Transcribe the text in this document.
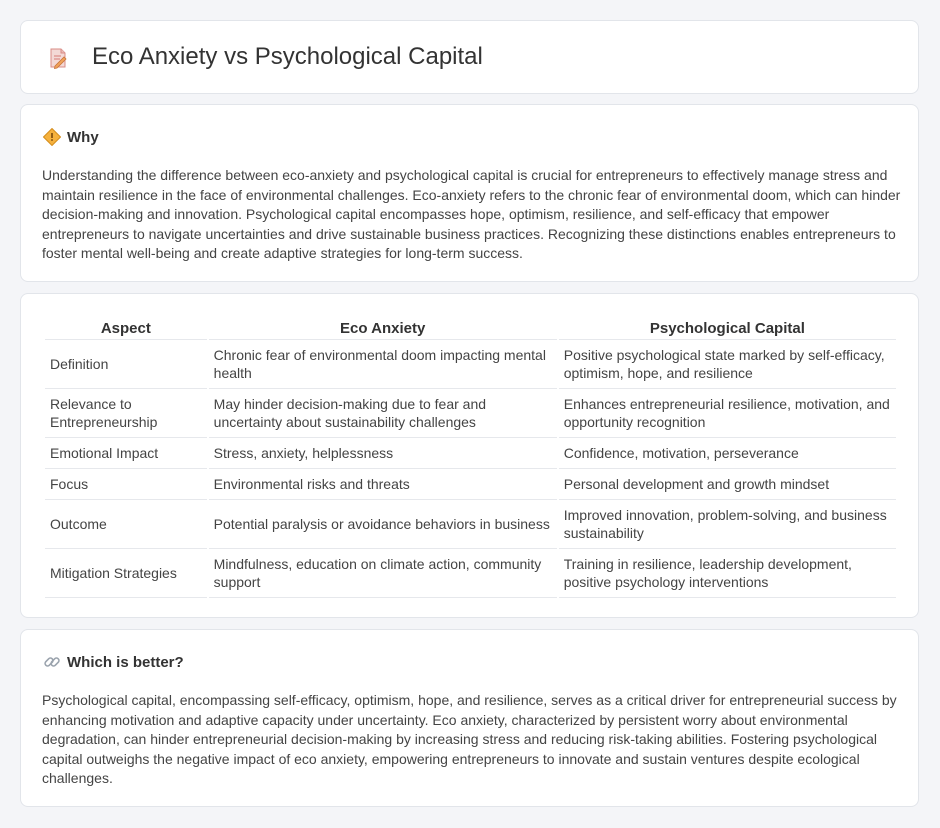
Eco Anxiety vs Psychological Capital
Why

Understanding the difference between eco-anxiety and psychological capital is crucial for entrepreneurs to effectively manage stress and maintain resilience in the face of environmental challenges. Eco-anxiety refers to the chronic fear of environmental doom, which can hinder decision-making and innovation. Psychological capital encompasses hope, optimism, resilience, and self-efficacy that empower entrepreneurs to navigate uncertainties and drive sustainable business practices. Recognizing these distinctions enables entrepreneurs to foster mental well-being and create adaptive strategies for long-term success.

Aspect	Eco Anxiety	Psychological Capital
Definition	Chronic fear of environmental doom impacting mental health	Positive psychological state marked by self-efficacy, optimism, hope, and resilience
Relevance to Entrepreneurship	May hinder decision-making due to fear and uncertainty about sustainability challenges	Enhances entrepreneurial resilience, motivation, and opportunity recognition
Emotional Impact	Stress, anxiety, helplessness	Confidence, motivation, perseverance
Focus	Environmental risks and threats	Personal development and growth mindset
Outcome	Potential paralysis or avoidance behaviors in business	Improved innovation, problem-solving, and business sustainability
Mitigation Strategies	Mindfulness, education on climate action, community support	Training in resilience, leadership development, positive psychology interventions
Which is better?

Psychological capital, encompassing self-efficacy, optimism, hope, and resilience, serves as a critical driver for entrepreneurial success by enhancing motivation and adaptive capacity under uncertainty. Eco anxiety, characterized by persistent worry about environmental degradation, can hinder entrepreneurial decision-making by increasing stress and reducing risk-taking abilities. Fostering psychological capital outweighs the negative impact of eco anxiety, empowering entrepreneurs to innovate and sustain ventures despite ecological challenges.
